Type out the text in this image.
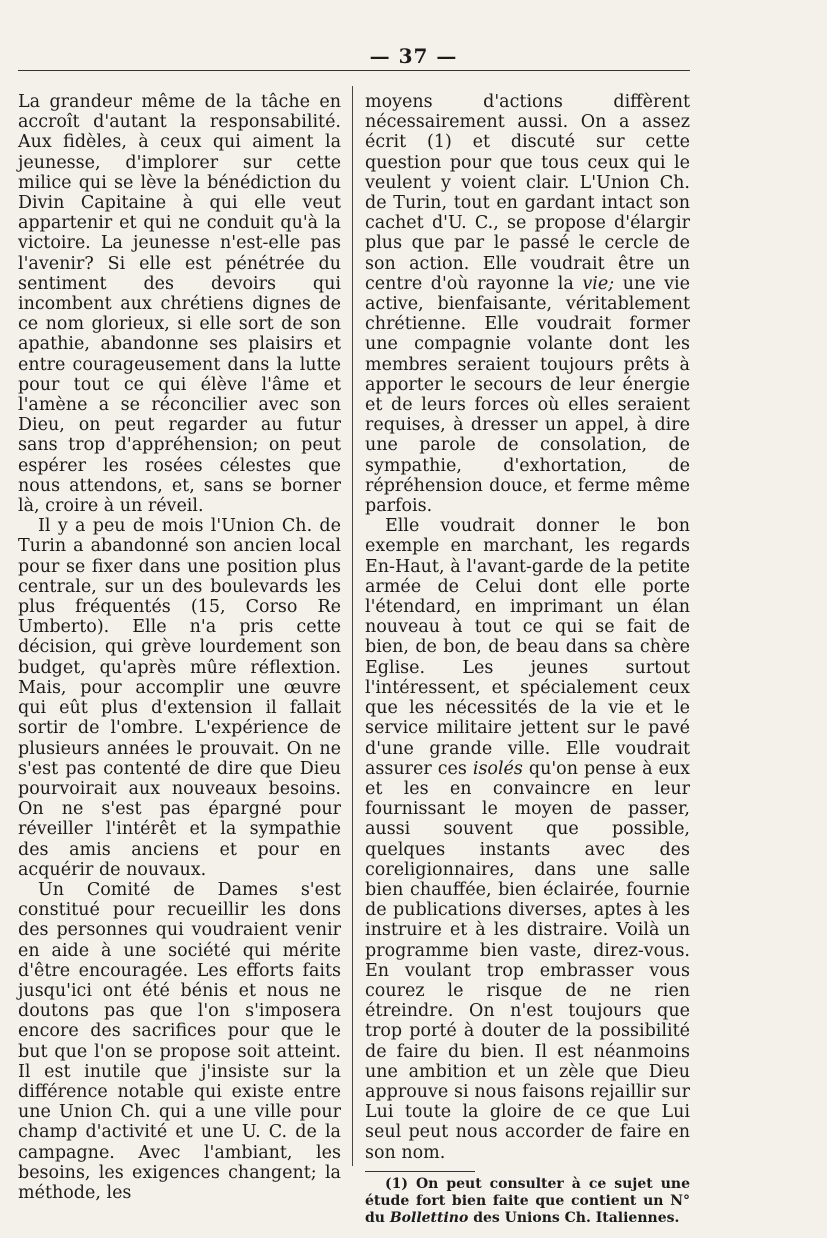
— 37 —

La grandeur même de la tâche en accroît d'autant la responsabilité. Aux fidèles, à ceux qui aiment la jeunesse, d'implorer sur cette milice qui se lève la bénédiction du Divin Capitaine à qui elle veut appartenir et qui ne conduit qu'à la victoire. La jeunesse n'est-elle pas l'avenir? Si elle est pénétrée du sentiment des devoirs qui incombent aux chrétiens dignes de ce nom glorieux, si elle sort de son apathie, abandonne ses plaisirs et entre courageusement dans la lutte pour tout ce qui élève l'âme et l'amène a se réconcilier avec son Dieu, on peut regarder au futur sans trop d'appréhension; on peut espérer les rosées célestes que nous attendons, et, sans se borner là, croire à un réveil.

Il y a peu de mois l'Union Ch. de Turin a abandonné son ancien local pour se fixer dans une position plus centrale, sur un des boulevards les plus fréquentés (15, Corso Re Umberto). Elle n'a pris cette décision, qui grève lourdement son budget, qu'après mûre réflextion. Mais, pour accomplir une œuvre qui eût plus d'extension il fallait sortir de l'ombre. L'expérience de plusieurs années le prouvait. On ne s'est pas contenté de dire que Dieu pourvoirait aux nouveaux besoins. On ne s'est pas épargné pour réveiller l'intérêt et la sympathie des amis anciens et pour en acquérir de nouvaux.

Un Comité de Dames s'est constitué pour recueillir les dons des personnes qui voudraient venir en aide à une société qui mérite d'être encouragée. Les efforts faits jusqu'ici ont été bénis et nous ne doutons pas que l'on s'imposera encore des sacrifices pour que le but que l'on se propose soit atteint. Il est inutile que j'insiste sur la différence notable qui existe entre une Union Ch. qui a une ville pour champ d'activité et une U. C. de la campagne. Avec l'ambiant, les besoins, les exigences changent; la méthode, les

moyens d'actions diffèrent nécessairement aussi. On a assez écrit (1) et discuté sur cette question pour que tous ceux qui le veulent y voient clair. L'Union Ch. de Turin, tout en gardant intact son cachet d'U. C., se propose d'élargir plus que par le passé le cercle de son action. Elle voudrait être un centre d'où rayonne la vie; une vie active, bienfaisante, véritablement chrétienne. Elle voudrait former une compagnie volante dont les membres seraient toujours prêts à apporter le secours de leur énergie et de leurs forces où elles seraient requises, à dresser un appel, à dire une parole de consolation, de sympathie, d'exhortation, de répréhension douce, et ferme même parfois.

Elle voudrait donner le bon exemple en marchant, les regards En-Haut, à l'avant-garde de la petite armée de Celui dont elle porte l'étendard, en imprimant un élan nouveau à tout ce qui se fait de bien, de bon, de beau dans sa chère Eglise. Les jeunes surtout l'intéressent, et spécialement ceux que les nécessités de la vie et le service militaire jettent sur le pavé d'une grande ville. Elle voudrait assurer ces isolés qu'on pense à eux et les en convaincre en leur fournissant le moyen de passer, aussi souvent que possible, quelques instants avec des coreligionnaires, dans une salle bien chauffée, bien éclairée, fournie de publications diverses, aptes à les instruire et à les distraire. Voilà un programme bien vaste, direz-vous. En voulant trop embrasser vous courez le risque de ne rien étreindre. On n'est toujours que trop porté à douter de la possibilité de faire du bien. Il est néanmoins une ambition et un zèle que Dieu approuve si nous faisons rejaillir sur Lui toute la gloire de ce que Lui seul peut nous accorder de faire en son nom.

(1) On peut consulter à ce sujet une étude fort bien faite que contient un N° du Bollettino des Unions Ch. Italiennes.
